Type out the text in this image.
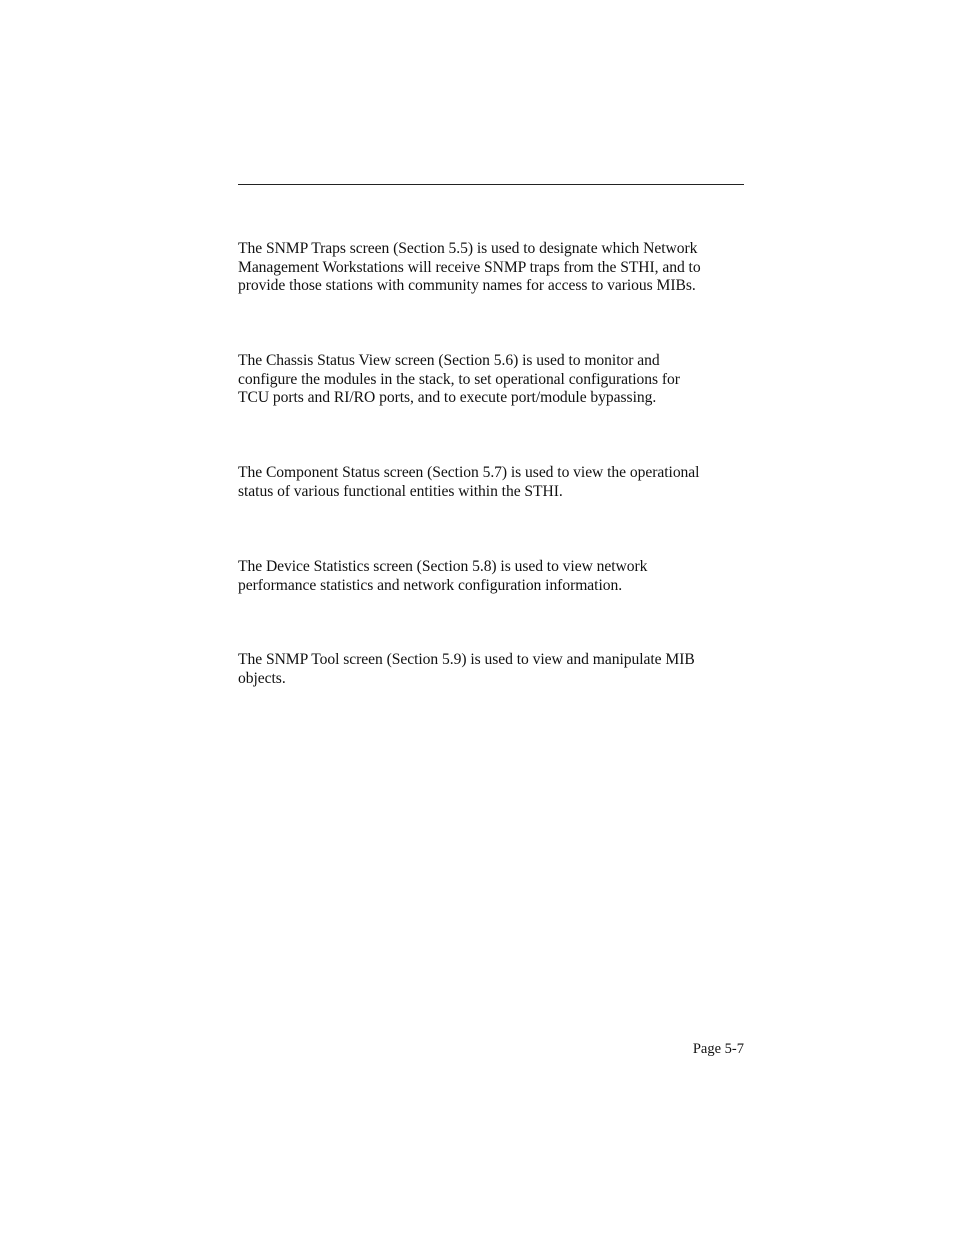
The SNMP Traps screen (Section 5.5) is used to designate which Network
Management Workstations will receive SNMP traps from the STHI, and to
provide those stations with community names for access to various MIBs.

The Chassis Status View screen (Section 5.6) is used to monitor and
configure the modules in the stack, to set operational configurations for
TCU ports and RI/RO ports, and to execute port/module bypassing.

The Component Status screen (Section 5.7) is used to view the operational
status of various functional entities within the STHI.

The Device Statistics screen (Section 5.8) is used to view network
performance statistics and network configuration information.

The SNMP Tool screen (Section 5.9) is used to view and manipulate MIB
objects.

Page 5-7
